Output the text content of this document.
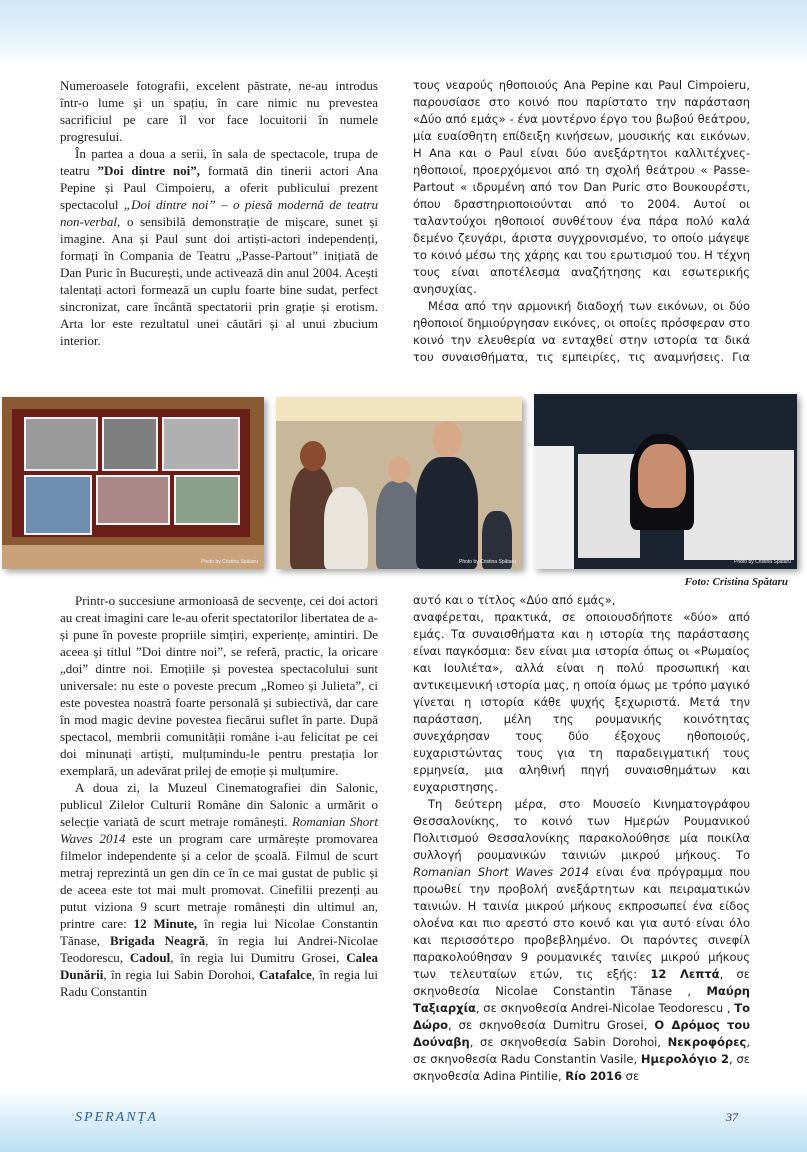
Numeroasele fotografii, excelent păstrate, ne-au introdus într-o lume și un spațiu, în care nimic nu prevestea sacrificiul pe care îl vor face locuitorii în numele progresului.

În partea a doua a serii, în sala de spectacole, trupa de teatru ”Doi dintre noi”, formată din tinerii actori Ana Pepine și Paul Cimpoieru, a oferit publicului prezent spectacolul „Doi dintre noi” – o piesă modernă de teatru non-verbal, o sensibilă demonstrație de mișcare, sunet și imagine. Ana și Paul sunt doi artiști-actori independenți, formați în Compania de Teatru „Passe-Partout” inițiată de Dan Puric în București, unde activează din anul 2004. Acești talentați actori formează un cuplu foarte bine sudat, perfect sincronizat, care încântă spectatorii prin grație și erotism. Arta lor este rezultatul unei căutări și al unui zbucium interior.

τους νεαρούς ηθοποιούς Ana Pepine και Paul Cimpoieru, παρουσίασε στο κοινό που παρίστατο την παράσταση «Δύο από εμάς» - ένα μοντέρνο έργο του βωβού θεάτρου, μία ευαίσθητη επίδειξη κινήσεων, μουσικής και εικόνων. Η Ana και ο Paul είναι δύο ανεξάρτητοι καλλιτέχνες-ηθοποιοί, προερχόμενοι από τη σχολή θεάτρου « Passe-Partout « ιδρυμένη από τον Dan Puric στο Βουκουρέστι, όπου δραστηριοποιούνται από το 2004. Αυτοί οι ταλαντούχοι ηθοποιοί συνθέτουν ένα πάρα πολύ καλά δεμένο ζευγάρι, άριστα συγχρονισμένο, το οποίο μάγεψε το κοινό μέσω της χάρης και του ερωτισμού του. Η τέχνη τους είναι αποτέλεσμα αναζήτησης και εσωτερικής ανησυχίας.

Μέσα από την αρμονική διαδοχή των εικόνων, οι δύο ηθοποιοί δημιούργησαν εικόνες, οι οποίες πρόσφεραν στο κοινό την ελευθερία να ενταχθεί στην ιστορία τα δικά του συναισθήματα, τις εμπειρίες, τις αναμνήσεις. Για

Photo by Cristina Spătaru	Photo by Cristina Spătaru	Photo by Cristina Spătaru
Foto: Cristina Spătaru

Printr-o succesiune armonioasă de secvențe, cei doi actori au creat imagini care le-au oferit spectatorilor libertatea de a-și pune în poveste propriile simțiri, experiențe, amintiri. De aceea și titlul ”Doi dintre noi”, se referă, practic, la oricare „doi” dintre noi. Emoțiile și povestea spectacolului sunt universale: nu este o poveste precum „Romeo și Julieta”, ci este povestea noastră foarte personală și subiectivă, dar care în mod magic devine povestea fiecărui suflet în parte. După spectacol, membrii comunității române i-au felicitat pe cei doi minunați artiști, mulțumindu-le pentru prestația lor exemplară, un adevărat prilej de emoție și mulțumire.

A doua zi, la Muzeul Cinematografiei din Salonic, publicul Zilelor Culturii Române din Salonic a urmărit o selecție variată de scurt metraje românești. Romanian Short Waves 2014 este un program care urmărește promovarea filmelor independente și a celor de școală. Filmul de scurt metraj reprezintă un gen din ce în ce mai gustat de public și de aceea este tot mai mult promovat. Cinefilii prezenți au putut viziona 9 scurt metraje românești din ultimul an, printre care: 12 Minute, în regia lui Nicolae Constantin Tănase, Brigada Neagră, în regia lui Andrei-Nicolae Teodorescu, Cadoul, în regia lui Dumitru Grosei, Calea Dunării, în regia lui Sabin Dorohoi, Catafalce, în regia lui Radu Constantin

αυτό και ο τίτλος «Δύο από εμάς»,

αναφέρεται, πρακτικά, σε οποιουσδήποτε «δύο» από εμάς. Τα συναισθήματα και η ιστορία της παράστασης είναι παγκόσμια: δεν είναι μια ιστορία όπως οι «Ρωμαίος και Ιουλιέτα», αλλά είναι η πολύ προσωπική και αντικειμενική ιστορία μας, η οποία όμως με τρόπο μαγικό γίνεται η ιστορία κάθε ψυχής ξεχωριστά. Μετά την παράσταση, μέλη της ρουμανικής κοινότητας συνεχάρησαν τους δύο έξοχους ηθοποιούς, ευχαριστώντας τους για τη παραδειγματική τους ερμηνεία, μια αληθινή πηγή συναισθημάτων και ευχαριστησης.

Τη δεύτερη μέρα, στο Μουσείο Κινηματογράφου Θεσσαλονίκης, το κοινό των Ημερών Ρουμανικού Πολιτισμού Θεσσαλονίκης παρακολούθησε μία ποικίλα συλλογή ρουμανικών ταινιών μικρού μήκους. Το Romanian Short Waves 2014 είναι ένα πρόγραμμα που προωθεί την προβολή ανεξάρτητων και πειραματικών ταινιών. Η ταινία μικρού μήκους εκπροσωπεί ένα είδος ολοένα και πιο αρεστό στο κοινό και για αυτό είναι όλο και περισσότερο προβεβλημένο. Οι παρόντες σινεφίλ παρακολούθησαν 9 ρουμανικές ταινίες μικρού μήκους των τελευταίων ετών, τις εξής: 12 Λεπτά, σε σκηνοθεσία Nicolae Constantin Tănase , Μαύρη Ταξιαρχία, σε σκηνοθεσία Andrei-Nicolae Teodorescu , Το Δώρο, σε σκηνοθεσία Dumitru Grosei, Ο Δρόμος του Δούναβη, σε σκηνοθεσία Sabin Dorohoi, Νεκροφόρες, σε σκηνοθεσία Radu Constantin Vasile, Ημερολόγιο 2, σε σκηνοθεσία Adina Pintilie, Río 2016 σε

SPERANȚA	37
